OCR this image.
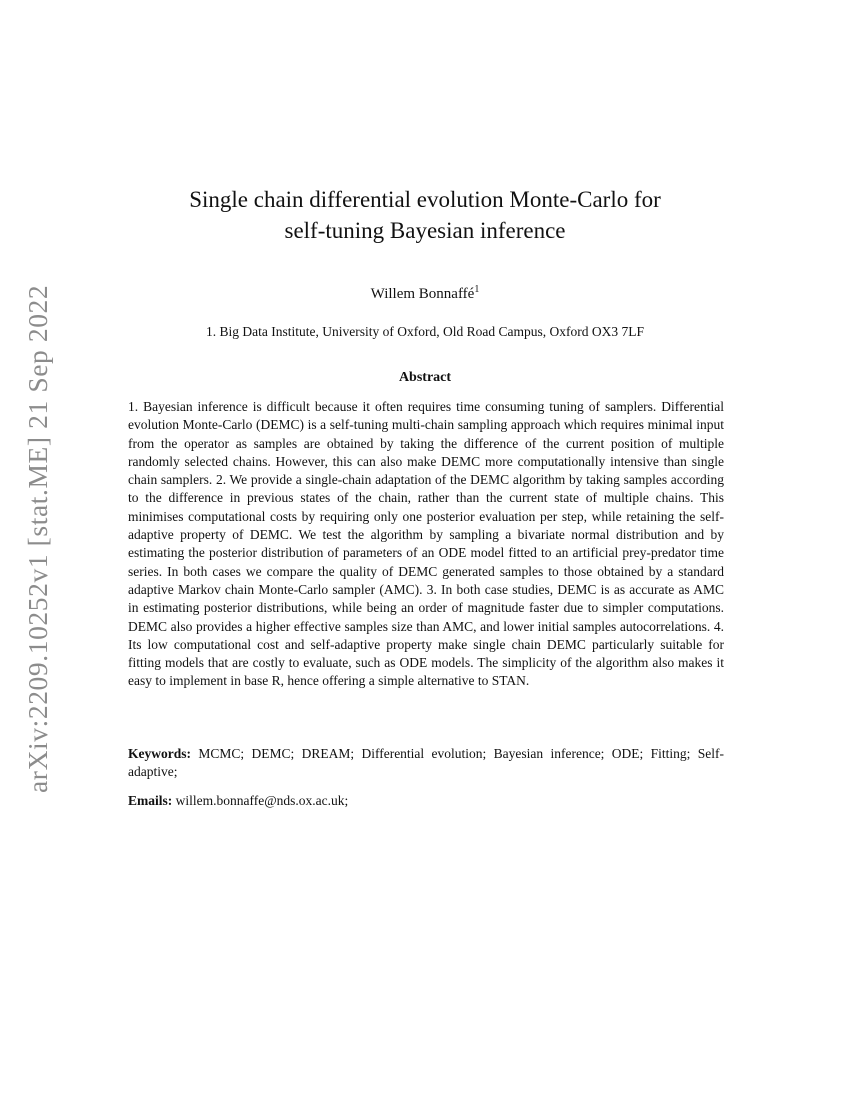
arXiv:2209.10252v1 [stat.ME] 21 Sep 2022
Single chain differential evolution Monte-Carlo for
self-tuning Bayesian inference

Willem Bonnaffé$^1$

1. Big Data Institute, University of Oxford, Old Road Campus, Oxford OX3 7LF

Abstract

1. Bayesian inference is difficult because it often requires time consuming tuning of samplers. Differential evolution Monte-Carlo (DEMC) is a self-tuning multi-chain sampling approach which requires minimal input from the operator as samples are obtained by taking the difference of the current position of multiple randomly selected chains. However, this can also make DEMC more computationally intensive than single chain samplers. 2. We provide a single-chain adaptation of the DEMC algorithm by taking samples according to the difference in previous states of the chain, rather than the current state of multiple chains. This minimises computational costs by requiring only one posterior evaluation per step, while retaining the self-adaptive property of DEMC. We test the algorithm by sampling a bivariate normal distribution and by estimating the posterior distribution of parameters of an ODE model fitted to an artificial prey-predator time series. In both cases we compare the quality of DEMC generated samples to those obtained by a standard adaptive Markov chain Monte-Carlo sampler (AMC). 3. In both case studies, DEMC is as accurate as AMC in estimating posterior distributions, while being an order of magnitude faster due to simpler computations. DEMC also provides a higher effective samples size than AMC, and lower initial samples autocorrelations. 4. Its low computational cost and self-adaptive property make single chain DEMC particularly suitable for fitting models that are costly to evaluate, such as ODE models. The simplicity of the algorithm also makes it easy to implement in base R, hence offering a simple alternative to STAN.

Keywords: MCMC; DEMC; DREAM; Differential evolution; Bayesian inference; ODE; Fitting; Self-adaptive;

Emails: willem.bonnaffe@nds.ox.ac.uk;
